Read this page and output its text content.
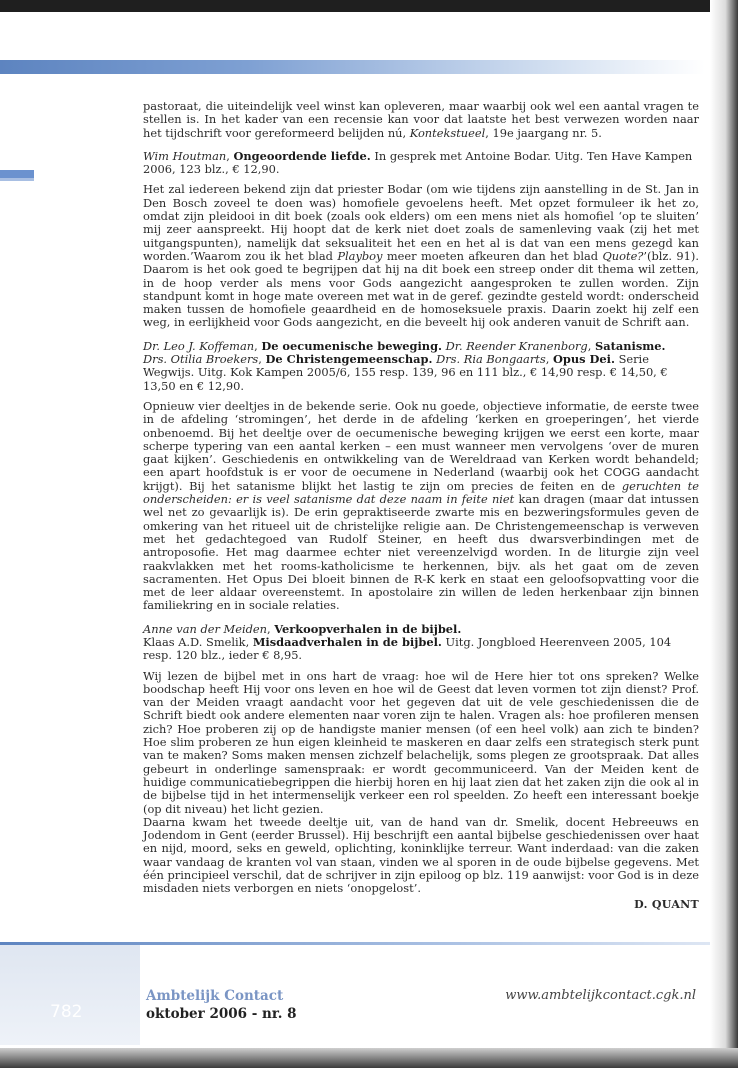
pastoraat, die uiteindelijk veel winst kan opleveren, maar waarbij ook wel een aantal vragen te stellen is. In het kader van een recensie kan voor dat laatste het best verwezen worden naar het tijdschrift voor gereformeerd belijden nú, Kontekstueel, 19e jaargang nr. 5.

Wim Houtman, Ongeoordende liefde. In gesprek met Antoine Bodar. Uitg. Ten Have Kampen 2006, 123 blz., € 12,90.

Het zal iedereen bekend zijn dat priester Bodar (om wie tijdens zijn aanstelling in de St. Jan in Den Bosch zoveel te doen was) homofiele gevoelens heeft. Met opzet formuleer ik het zo, omdat zijn pleidooi in dit boek (zoals ook elders) om een mens niet als homofiel ‘op te sluiten’ mij zeer aanspreekt. Hij hoopt dat de kerk niet doet zoals de samenleving vaak (zij het met uitgangspunten), namelijk dat seksualiteit het een en het al is dat van een mens gezegd kan worden.’Waarom zou ik het blad Playboy meer moeten afkeuren dan het blad Quote?’(blz. 91). Daarom is het ook goed te begrijpen dat hij na dit boek een streep onder dit thema wil zetten, in de hoop verder als mens voor Gods aangezicht aangesproken te zullen worden. Zijn standpunt komt in hoge mate overeen met wat in de geref. gezindte gesteld wordt: onderscheid maken tussen de homofiele geaardheid en de homoseksuele praxis. Daarin zoekt hij zelf een weg, in eerlijkheid voor Gods aangezicht, en die beveelt hij ook anderen vanuit de Schrift aan.

Dr. Leo J. Koffeman, De oecumenische beweging. Dr. Reender Kranenborg, Satanisme.
Drs. Otilia Broekers, De Christengemeenschap. Drs. Ria Bongaarts, Opus Dei. Serie Wegwijs. Uitg. Kok Kampen 2005/6, 155 resp. 139, 96 en 111 blz., € 14,90 resp. € 14,50, € 13,50 en € 12,90.

Opnieuw vier deeltjes in de bekende serie. Ook nu goede, objectieve informatie, de eerste twee in de afdeling ‘stromingen’, het derde in de afdeling ‘kerken en groeperingen’, het vierde onbenoemd. Bij het deeltje over de oecumenische beweging krijgen we eerst een korte, maar scherpe typering van een aantal kerken – een must wanneer men vervolgens ‘over de muren gaat kijken’. Geschiedenis en ontwikkeling van de Wereldraad van Kerken wordt behandeld; een apart hoofdstuk is er voor de oecumene in Nederland (waarbij ook het COGG aandacht krijgt). Bij het satanisme blijkt het lastig te zijn om precies de feiten en de geruchten te onderscheiden: er is veel satanisme dat deze naam in feite niet kan dragen (maar dat intussen wel net zo gevaarlijk is). De erin gepraktiseerde zwarte mis en bezweringsformules geven de omkering van het ritueel uit de christelijke religie aan. De Christengemeenschap is verweven met het gedachtegoed van Rudolf Steiner, en heeft dus dwarsverbindingen met de antroposofie. Het mag daarmee echter niet vereenzelvigd worden. In de liturgie zijn veel raakvlakken met het rooms-katholicisme te herkennen, bijv. als het gaat om de zeven sacramenten. Het Opus Dei bloeit binnen de R-K kerk en staat een geloofsopvatting voor die met de leer aldaar overeenstemt. In apostolaire zin willen de leden herkenbaar zijn binnen familiekring en in sociale relaties.

Anne van der Meiden, Verkoopverhalen in de bijbel.
Klaas A.D. Smelik, Misdaadverhalen in de bijbel. Uitg. Jongbloed Heerenveen 2005, 104 resp. 120 blz., ieder € 8,95.

Wij lezen de bijbel met in ons hart de vraag: hoe wil de Here hier tot ons spreken? Welke boodschap heeft Hij voor ons leven en hoe wil de Geest dat leven vormen tot zijn dienst? Prof. van der Meiden vraagt aandacht voor het gegeven dat uit de vele geschiedenissen die de Schrift biedt ook andere elementen naar voren zijn te halen. Vragen als: hoe profileren mensen zich? Hoe proberen zij op de handigste manier mensen (of een heel volk) aan zich te binden? Hoe slim proberen ze hun eigen kleinheid te maskeren en daar zelfs een strategisch sterk punt van te maken? Soms maken mensen zichzelf belachelijk, soms plegen ze grootspraak. Dat alles gebeurt in onderlinge samenspraak: er wordt gecommuniceerd. Van der Meiden kent de huidige communicatiebegrippen die hierbij horen en hij laat zien dat het zaken zijn die ook al in de bijbelse tijd in het intermenselijk verkeer een rol speelden. Zo heeft een interessant boekje (op dit niveau) het licht gezien.

Daarna kwam het tweede deeltje uit, van de hand van dr. Smelik, docent Hebreeuws en Jodendom in Gent (eerder Brussel). Hij beschrijft een aantal bijbelse geschiedenissen over haat en nijd, moord, seks en geweld, oplichting, koninklijke terreur. Want inderdaad: van die zaken waar vandaag de kranten vol van staan, vinden we al sporen in de oude bijbelse gegevens. Met één principieel verschil, dat de schrijver in zijn epiloog op blz. 119 aanwijst: voor God is in deze misdaden niets verborgen en niets ‘onopgelost’.

D. QUANT
782
Ambtelijk Contact
oktober 2006 - nr. 8
www.ambtelijkcontact.cgk.nl
